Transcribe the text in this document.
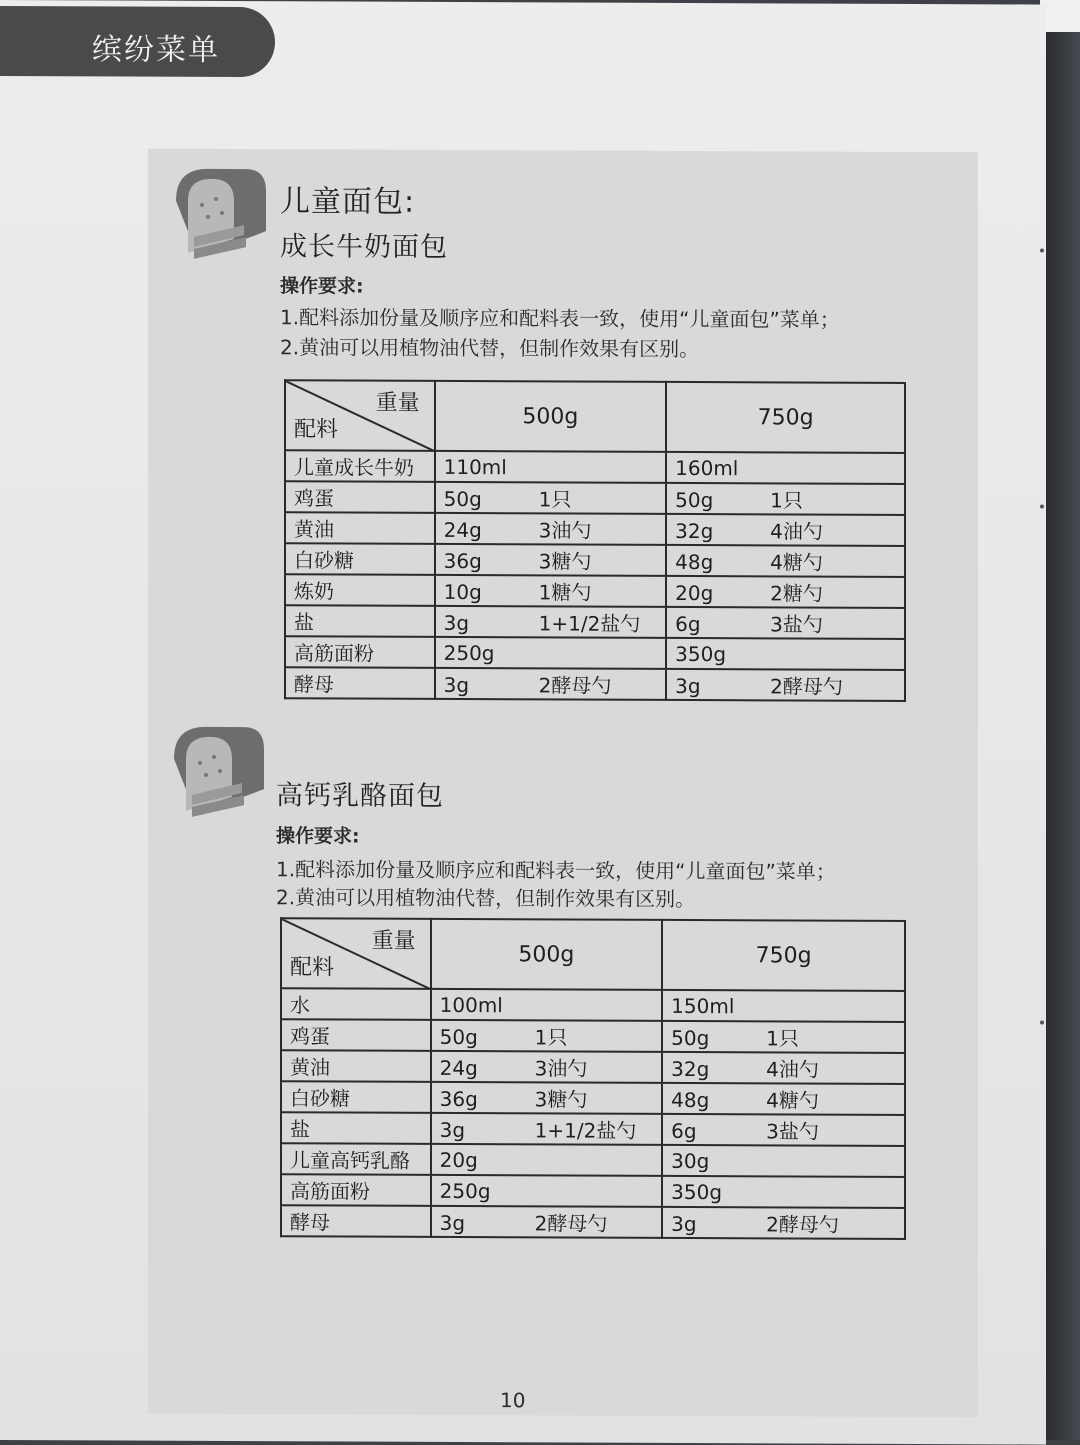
缤纷菜单
儿童面包:
成长牛奶面包
操作要求:
1.配料添加份量及顺序应和配料表一致，使用“儿童面包”菜单；
2.黄油可以用植物油代替，但制作效果有区别。
重量
配料	500g	750g
儿童成长牛奶	110ml	160ml
鸡蛋	50g 1只	50g 1只
黄油	24g 3油勺	32g 4油勺
白砂糖	36g 3糖勺	48g 4糖勺
炼奶	10g 1糖勺	20g 2糖勺
盐	3g 1+1/2盐勺	6g 3盐勺
高筋面粉	250g	350g
酵母	3g 2酵母勺	3g 2酵母勺
高钙乳酪面包
操作要求:
1.配料添加份量及顺序应和配料表一致，使用“儿童面包”菜单；
2.黄油可以用植物油代替，但制作效果有区别。
重量
配料	500g	750g
水	100ml	150ml
鸡蛋	50g 1只	50g 1只
黄油	24g 3油勺	32g 4油勺
白砂糖	36g 3糖勺	48g 4糖勺
盐	3g 1+1/2盐勺	6g 3盐勺
儿童高钙乳酪	20g	30g
高筋面粉	250g	350g
酵母	3g 2酵母勺	3g 2酵母勺
10
